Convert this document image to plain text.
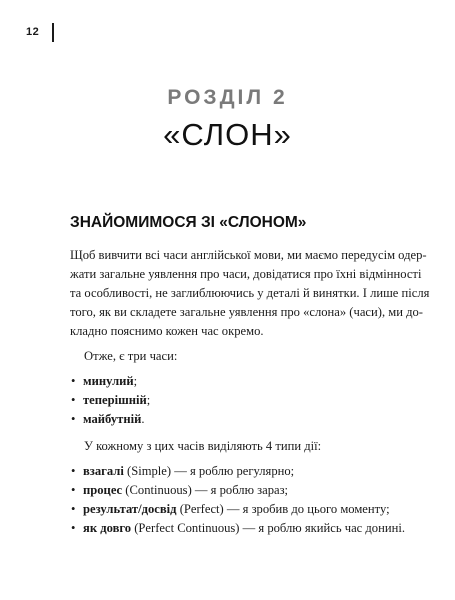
12
РОЗДІЛ 2
«СЛОН»
ЗНАЙОМИМОСЯ ЗІ «СЛОНОМ»

Щоб вивчити всі часи англійської мови, ми маємо передусім одер-
жати загальне уявлення про часи, довідатися про їхні відмінності
та особливості, не заглиблюючись у деталі й винятки. І лише після
того, як ви складете загальне уявлення про «слона» (часи), ми до-
кладно пояснимо кожен час окремо.

Отже, є три часи:

• минулий;
• теперішній;
• майбутній.

У кожному з цих часів виділяють 4 типи дії:

• взагалі (Simple) — я роблю регулярно;
• процес (Continuous) — я роблю зараз;
• результат/досвід (Perfect) — я зробив до цього моменту;
• як довго (Perfect Continuous) — я роблю якийсь час донині.
